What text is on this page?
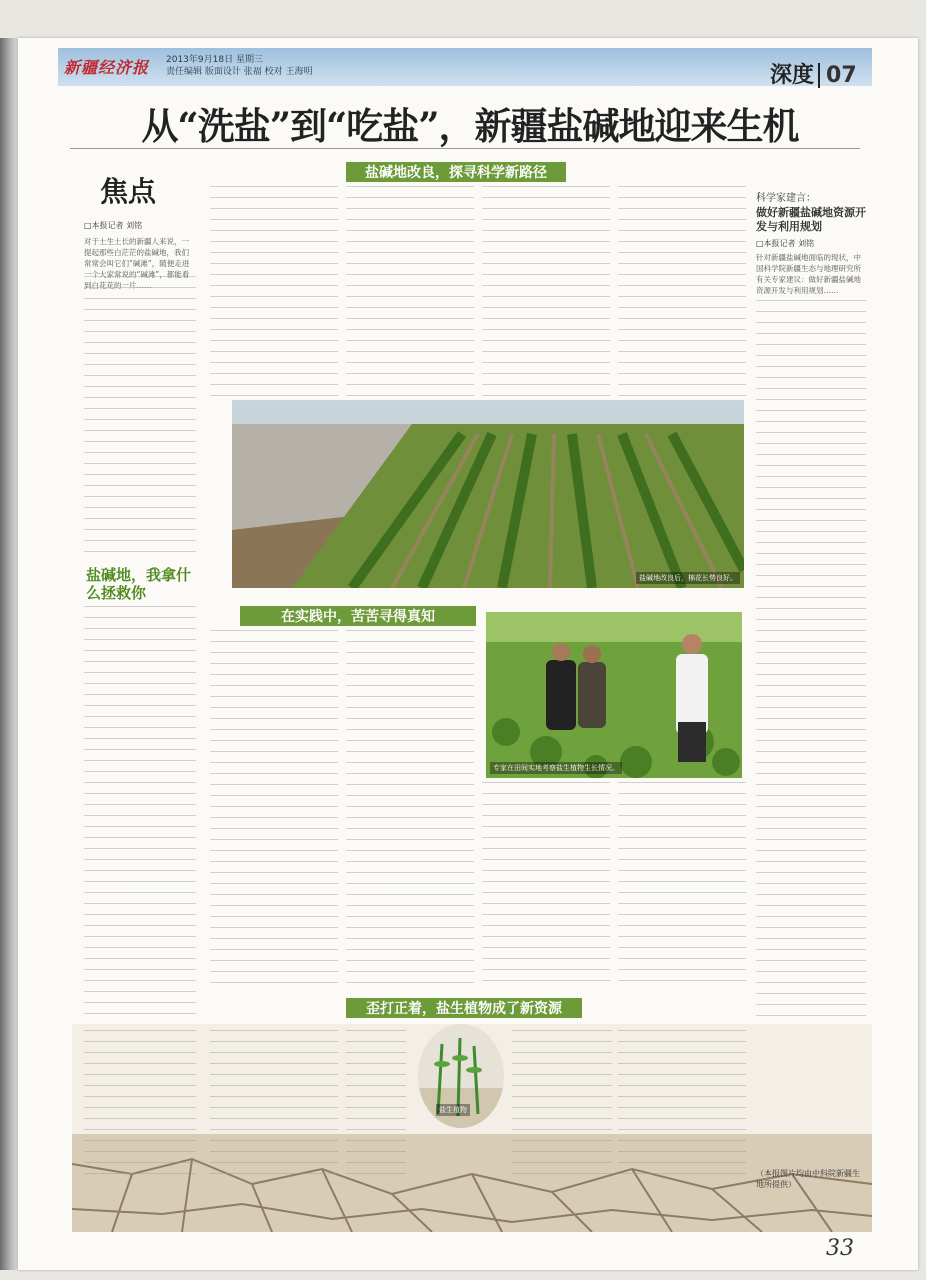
新疆经济报 2013年9月18日 星期三
责任编辑 版面设计 张福 校对 王海明	深度 07
从“洗盐”到“吃盐”，新疆盐碱地迎来生机
盐碱地改良，探寻科学新路径
焦点
□本报记者 刘铭

对于土生土长的新疆人来说，一提起那些白茫茫的盐碱地，我们常常会叫它们“碱滩”，随便走进一个大家常说的“碱滩”，都能看到白花花的一片……

科学家建言：
做好新疆盐碱地资源开发与利用规划
□本报记者 刘铭

针对新疆盐碱地面临的现状，中国科学院新疆生态与地理研究所有关专家建议：做好新疆盐碱地资源开发与利用规划……

盐碱地改良后，棉花长势良好。
盐碱地，我拿什么拯救你
在实践中，苦苦寻得真知
专家在田间实地考察盐生植物生长情况。
歪打正着，盐生植物成了新资源
盐生植物
（本报图片均由中科院新疆生地所提供）
33
